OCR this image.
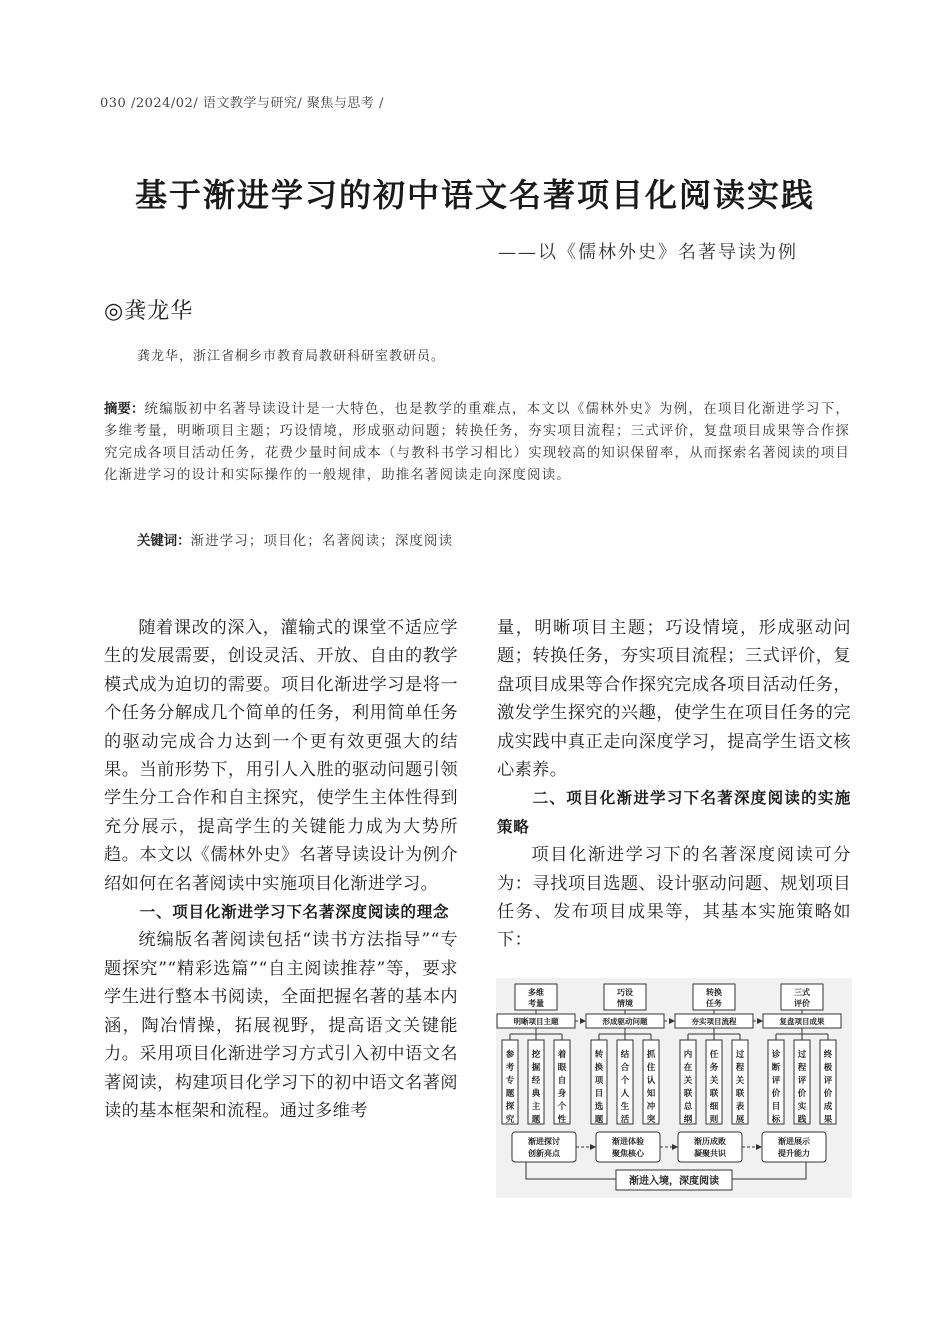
030 /2024/02/ 语文教学与研究/ 聚焦与思考 /
基于渐进学习的初中语文名著项目化阅读实践
——以《儒林外史》名著导读为例
◎龚龙华
龚龙华，浙江省桐乡市教育局教研科研室教研员。
摘要：统编版初中名著导读设计是一大特色，也是教学的重难点，本文以《儒林外史》为例，在项目化渐进学习下，多维考量，明晰项目主题；巧设情境，形成驱动问题；转换任务，夯实项目流程；三式评价，复盘项目成果等合作探究完成各项目活动任务，花费少量时间成本（与教科书学习相比）实现较高的知识保留率，从而探索名著阅读的项目化渐进学习的设计和实际操作的一般规律，助推名著阅读走向深度阅读。
关键词：渐进学习；项目化；名著阅读；深度阅读

随着课改的深入，灌输式的课堂不适应学生的发展需要，创设灵活、开放、自由的教学模式成为迫切的需要。项目化渐进学习是将一个任务分解成几个简单的任务，利用简单任务的驱动完成合力达到一个更有效更强大的结果。当前形势下，用引人入胜的驱动问题引领学生分工合作和自主探究，使学生主体性得到充分展示，提高学生的关键能力成为大势所趋。本文以《儒林外史》名著导读设计为例介绍如何在名著阅读中实施项目化渐进学习。

一、项目化渐进学习下名著深度阅读的理念

统编版名著阅读包括“读书方法指导”“专题探究”“精彩选篇”“自主阅读推荐”等，要求学生进行整本书阅读，全面把握名著的基本内涵，陶冶情操，拓展视野，提高语文关键能力。采用项目化渐进学习方式引入初中语文名著阅读，构建项目化学习下的初中语文名著阅读的基本框架和流程。通过多维考

量，明晰项目主题；巧设情境，形成驱动问题；转换任务，夯实项目流程；三式评价，复盘项目成果等合作探究完成各项目活动任务，激发学生探究的兴趣，使学生在项目任务的完成实践中真正走向深度学习，提高学生语文核心素养。

二、项目化渐进学习下名著深度阅读的实施策略

项目化渐进学习下的名著深度阅读可分为：寻找项目选题、设计驱动问题、规划项目任务、发布项目成果等，其基本实施策略如下：

多维
考量
巧设
情境
转换
任务
三式
评价
明晰项目主题	形成驱动问题	夯实项目流程	复盘项目成果
参
考
专
题
探
究
挖
掘
经
典
主
题
着
眼
自
身
个
性
转
换
项
目
选
题
结
合
个
人
生
活
抓
住
认
知
冲
突
内
在
关
联
总
纲
任
务
关
联
细
则
过
程
关
联
表
展
诊
断
评
价
目
标
过
程
评
价
实
践
终
极
评
价
成
果
渐进探讨
创新亮点
渐进体验
聚焦核心
渐历成败
凝聚共识
渐进展示
提升能力
渐进入境，深度阅读
